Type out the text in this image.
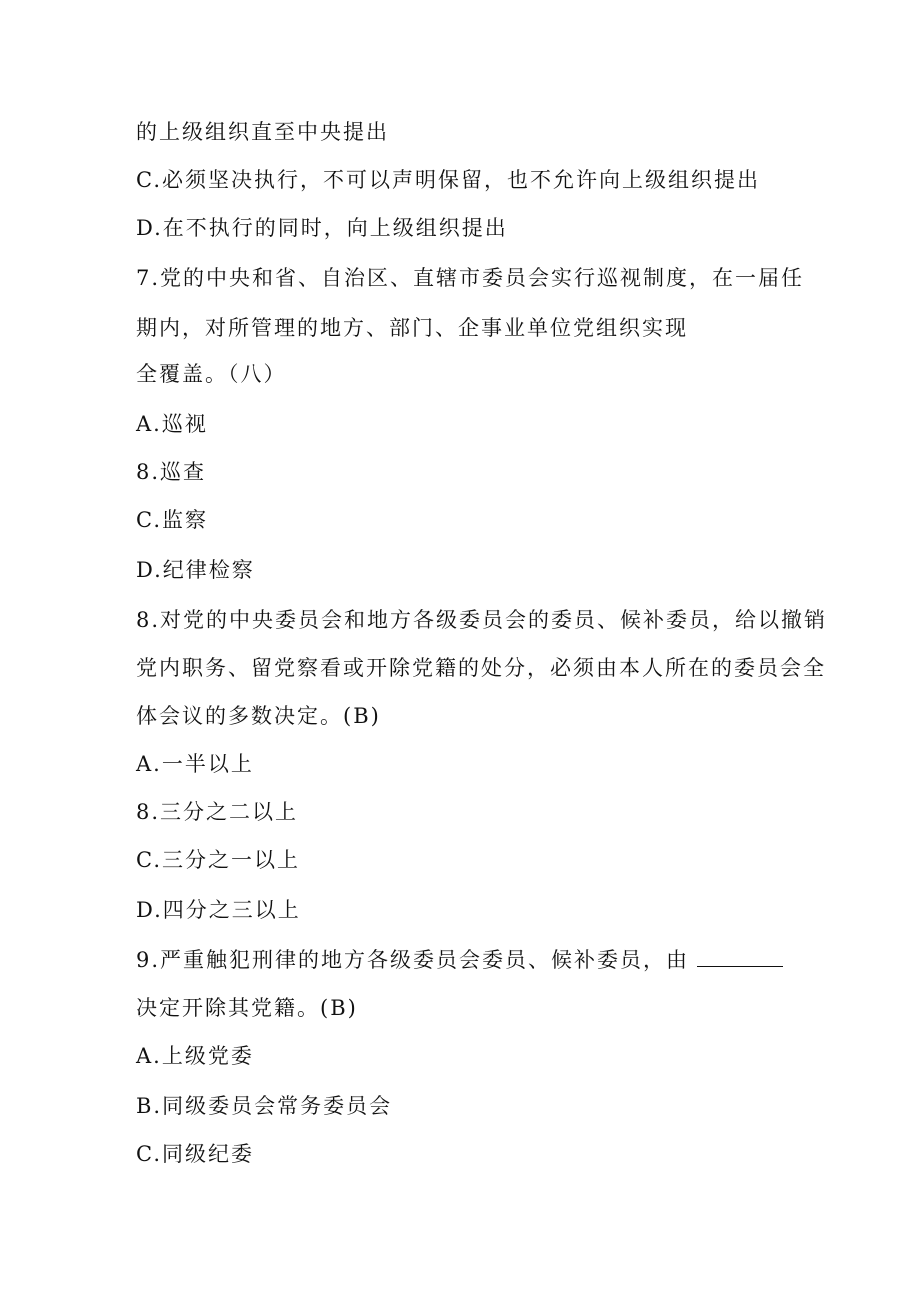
的上级组织直至中央提出
C.必须坚决执行，不可以声明保留，也不允许向上级组织提出
D.在不执行的同时，向上级组织提出
7.党的中央和省、自治区、直辖市委员会实行巡视制度，在一届任
期内，对所管理的地方、部门、企事业单位党组织实现
全覆盖。（八）
A.巡视
8.巡查
C.监察
D.纪律检察
8.对党的中央委员会和地方各级委员会的委员、候补委员，给以撤销
党内职务、留党察看或开除党籍的处分，必须由本人所在的委员会全
体会议的多数决定。(B)
A.一半以上
8.三分之二以上
C.三分之一以上
D.四分之三以上
9.严重触犯刑律的地方各级委员会委员、候补委员，由
决定开除其党籍。(B)
A.上级党委
B.同级委员会常务委员会
C.同级纪委
